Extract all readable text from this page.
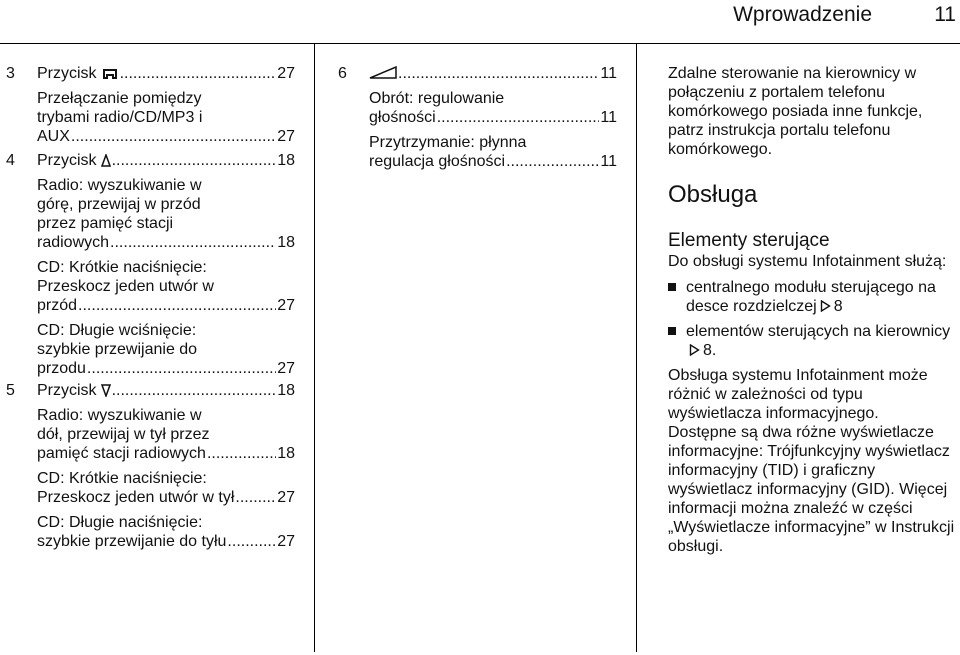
Wprowadzenie	11
3 Przycisk .....	27
Przełączanie pomiędzy
trybami radio/CD/MP3 i
AUX .....	27
4 Przycisk .....	18
Radio: wyszukiwanie w
górę, przewijaj w przód
przez pamięć stacji
radiowych .....	18
CD: Krótkie naciśnięcie:
Przeskocz jeden utwór w
przód .....	27
CD: Długie wciśnięcie:
szybkie przewijanie do
przodu .....	27
5 Przycisk .....	18
Radio: wyszukiwanie w
dół, przewijaj w tył przez
pamięć stacji radiowych .....	18
CD: Krótkie naciśnięcie:
Przeskocz jeden utwór w tył .....	27
CD: Długie naciśnięcie:
szybkie przewijanie do tyłu .....	27
6 .....	11
Obrót: regulowanie
głośności .....	11
Przytrzymanie: płynna
regulacja głośności .....	11

Zdalne sterowanie na kierownicy w połączeniu z portalem telefonu komórkowego posiada inne funkcje, patrz instrukcja portalu telefonu komórkowego.

Obsługa
Elementy sterujące

Do obsługi systemu Infotainment służą:

centralnego modułu sterującego na desce rozdzielczej 8
elementów sterujących na kierownicy8.

Obsługa systemu Infotainment może różnić w zależności od typu wyświetlacza informacyjnego.

Dostępne są dwa różne wyświetlacze informacyjne: Trójfunkcyjny wyświetlacz informacyjny (TID) i graficzny wyświetlacz informacyjny (GID). Więcej informacji można znaleźć w części „Wyświetlacze informacyjne” w Instrukcji obsługi.
